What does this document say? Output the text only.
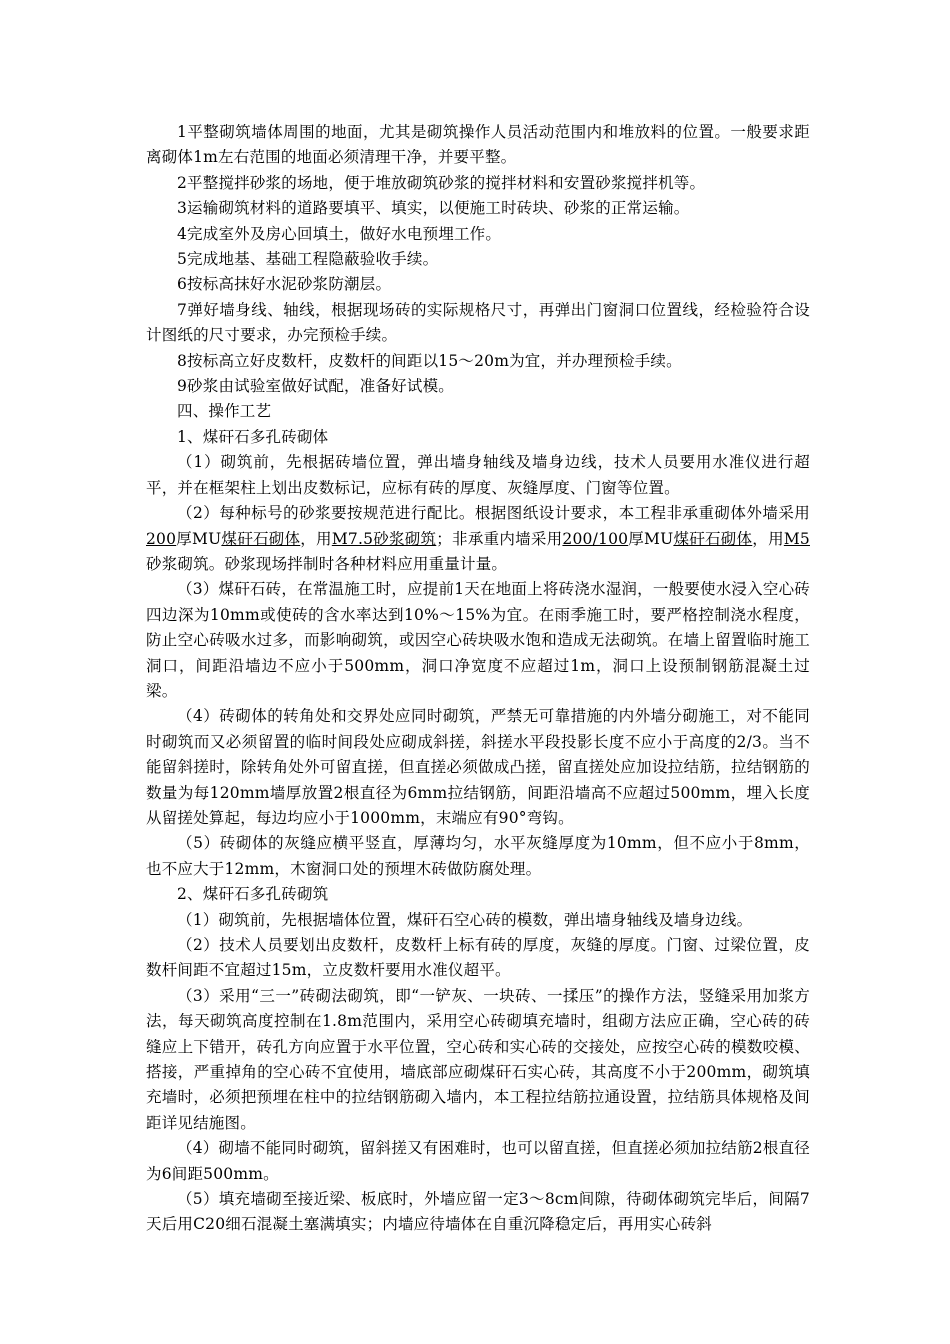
1平整砌筑墙体周围的地面，尤其是砌筑操作人员活动范围内和堆放料的位置。一般要求距离砌体1m左右范围的地面必须清理干净，并要平整。

2平整搅拌砂浆的场地，便于堆放砌筑砂浆的搅拌材料和安置砂浆搅拌机等。

3运输砌筑材料的道路要填平、填实，以便施工时砖块、砂浆的正常运输。

4完成室外及房心回填土，做好水电预埋工作。

5完成地基、基础工程隐蔽验收手续。

6按标高抹好水泥砂浆防潮层。

7弹好墙身线、轴线，根据现场砖的实际规格尺寸，再弹出门窗洞口位置线，经检验符合设计图纸的尺寸要求，办完预检手续。

8按标高立好皮数杆，皮数杆的间距以15～20m为宜，并办理预检手续。

9砂浆由试验室做好试配，准备好试模。

四、操作工艺

1、煤矸石多孔砖砌体

（1）砌筑前，先根据砖墙位置，弹出墙身轴线及墙身边线，技术人员要用水准仪进行超平，并在框架柱上划出皮数标记，应标有砖的厚度、灰缝厚度、门窗等位置。

（2）每种标号的砂浆要按规范进行配比。根据图纸设计要求，本工程非承重砌体外墙采用200厚MU煤矸石砌体，用M7.5砂浆砌筑；非承重内墙采用200/100厚MU煤矸石砌体，用M5砂浆砌筑。砂浆现场拌制时各种材料应用重量计量。

（3）煤矸石砖，在常温施工时，应提前1天在地面上将砖浇水湿润，一般要使水浸入空心砖四边深为10mm或使砖的含水率达到10%～15%为宜。在雨季施工时，要严格控制浇水程度，防止空心砖吸水过多，而影响砌筑，或因空心砖块吸水饱和造成无法砌筑。在墙上留置临时施工洞口，间距沿墙边不应小于500mm，洞口净宽度不应超过1m，洞口上设预制钢筋混凝土过梁。

（4）砖砌体的转角处和交界处应同时砌筑，严禁无可靠措施的内外墙分砌施工，对不能同时砌筑而又必须留置的临时间段处应砌成斜搓，斜搓水平段投影长度不应小于高度的2/3。当不能留斜搓时，除转角处外可留直搓，但直搓必须做成凸搓，留直搓处应加设拉结筋，拉结钢筋的数量为每120mm墙厚放置2根直径为6mm拉结钢筋，间距沿墙高不应超过500mm，埋入长度从留搓处算起，每边均应小于1000mm，末端应有90°弯钩。

（5）砖砌体的灰缝应横平竖直，厚薄均匀，水平灰缝厚度为10mm，但不应小于8mm，也不应大于12mm，木窗洞口处的预埋木砖做防腐处理。

2、煤矸石多孔砖砌筑

（1）砌筑前，先根据墙体位置，煤矸石空心砖的模数，弹出墙身轴线及墙身边线。

（2）技术人员要划出皮数杆，皮数杆上标有砖的厚度，灰缝的厚度。门窗、过梁位置，皮数杆间距不宜超过15m，立皮数杆要用水准仪超平。

（3）采用“三一”砖砌法砌筑，即“一铲灰、一块砖、一揉压”的操作方法，竖缝采用加浆方法，每天砌筑高度控制在1.8m范围内，采用空心砖砌填充墙时，组砌方法应正确，空心砖的砖缝应上下错开，砖孔方向应置于水平位置，空心砖和实心砖的交接处，应按空心砖的模数咬模、搭接，严重掉角的空心砖不宜使用，墙底部应砌煤矸石实心砖，其高度不小于200mm，砌筑填充墙时，必须把预埋在柱中的拉结钢筋砌入墙内，本工程拉结筋拉通设置，拉结筋具体规格及间距详见结施图。

（4）砌墙不能同时砌筑，留斜搓又有困难时，也可以留直搓，但直搓必须加拉结筋2根直径为6间距500mm。

（5）填充墙砌至接近梁、板底时，外墙应留一定3～8cm间隙，待砌体砌筑完毕后，间隔7天后用C20细石混凝土塞满填实；内墙应待墙体在自重沉降稳定后，再用实心砖斜
